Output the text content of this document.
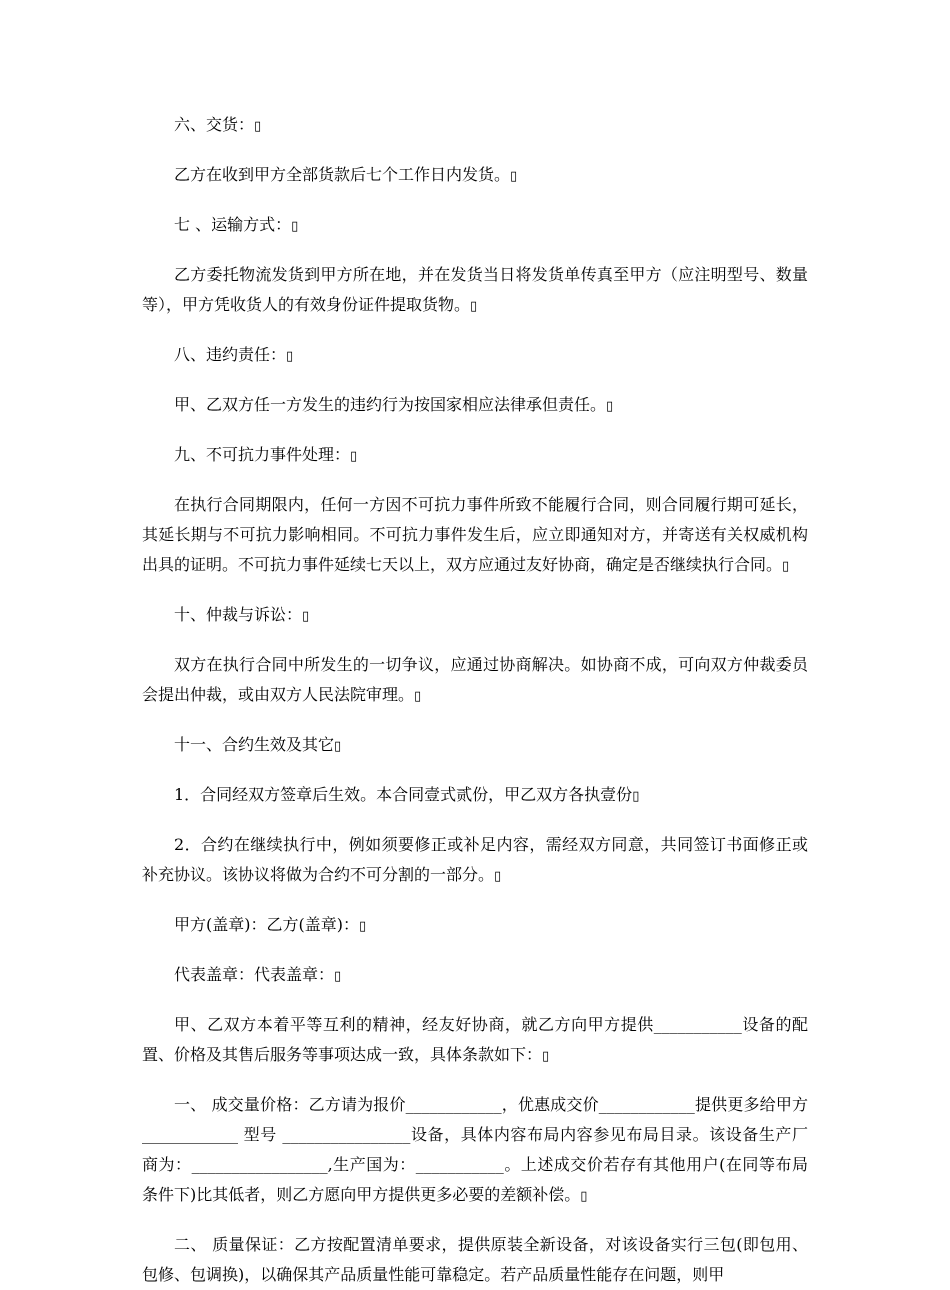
六、交货：▯

乙方在收到甲方全部货款后七个工作日内发货。▯

七 、运输方式：▯

乙方委托物流发货到甲方所在地，并在发货当日将发货单传真至甲方（应注明型号、数量等），甲方凭收货人的有效身份证件提取货物。▯

八、违约责任：▯

甲、乙双方任一方发生的违约行为按国家相应法律承但责任。▯

九、不可抗力事件处理：▯

在执行合同期限内，任何一方因不可抗力事件所致不能履行合同，则合同履行期可延长，其延长期与不可抗力影响相同。不可抗力事件发生后，应立即通知对方，并寄送有关权威机构出具的证明。不可抗力事件延续七天以上，双方应通过友好协商，确定是否继续执行合同。▯

十、仲裁与诉讼：▯

双方在执行合同中所发生的一切争议，应通过协商解决。如协商不成，可向双方仲裁委员会提出仲裁，或由双方人民法院审理。▯

十一、合约生效及其它▯

1．合同经双方签章后生效。本合同壹式贰份，甲乙双方各执壹份▯

2．合约在继续执行中，例如须要修正或补足内容，需经双方同意，共同签订书面修正或补充协议。该协议将做为合约不可分割的一部分。▯

甲方(盖章)：乙方(盖章)：▯

代表盖章：代表盖章：▯

甲、乙双方本着平等互利的精神，经友好协商，就乙方向甲方提供___________设备的配置、价格及其售后服务等事项达成一致，具体条款如下：▯

一、 成交量价格：乙方请为报价____________，优惠成交价____________提供更多给甲方____________ 型号 ________________设备，具体内容布局内容参见布局目录。该设备生产厂商为：_________________,生产国为：___________。上述成交价若存有其他用户(在同等布局条件下)比其低者，则乙方愿向甲方提供更多必要的差额补偿。▯

二、 质量保证：乙方按配置清单要求，提供原装全新设备，对该设备实行三包(即包用、包修、包调换)，以确保其产品质量性能可靠稳定。若产品质量性能存在问题，则甲
